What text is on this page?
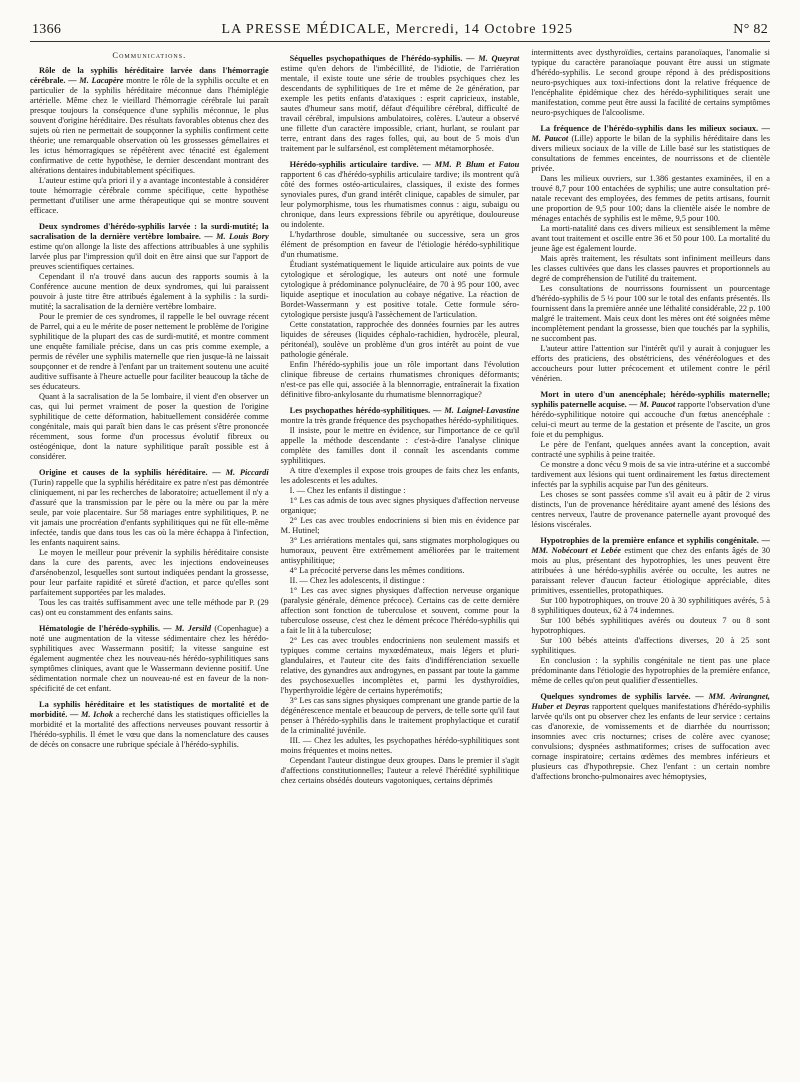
1366	LA PRESSE MÉDICALE, Mercredi, 14 Octobre 1925	N° 82
Communications.

Rôle de la syphilis héréditaire larvée dans l'hémorragie cérébrale. — M. Lacapère montre le rôle de la syphilis occulte et en particulier de la syphilis héréditaire méconnue dans l'hémiplégie artérielle. Même chez le vieillard l'hémorragie cérébrale lui paraît presque toujours la conséquence d'une syphilis méconnue, le plus souvent d'origine héréditaire. Des résultats favorables obtenus chez des sujets où rien ne permettait de soupçonner la syphilis confirment cette théorie; une remarquable observation où les grossesses gémellaires et les ictus hémorragiques se répétèrent avec ténacité est également confirmative de cette hypothèse, le dernier descendant montrant des altérations dentaires indubitablement spécifiques.

L'auteur estime qu'a priori il y a avantage incontestable à considérer toute hémorragie cérébrale comme spécifique, cette hypothèse permettant d'utiliser une arme thérapeutique qui se montre souvent efficace.

Deux syndromes d'hérédo-syphilis larvée : la surdi-mutité; la sacralisation de la dernière vertèbre lombaire. — M. Louis Bory estime qu'on allonge la liste des affections attribuables à une syphilis larvée plus par l'impression qu'il doit en être ainsi que sur l'apport de preuves scientifiques certaines.

Cependant il n'a trouvé dans aucun des rapports soumis à la Conférence aucune mention de deux syndromes, qui lui paraissent pouvoir à juste titre être attribués également à la syphilis : la surdi-mutité; la sacralisation de la dernière vertèbre lombaire.

Pour le premier de ces syndromes, il rappelle le bel ouvrage récent de Parrel, qui a eu le mérite de poser nettement le problème de l'origine syphilitique de la plupart des cas de surdi-mutité, et montre comment une enquête familiale précise, dans un cas pris comme exemple, a permis de révéler une syphilis maternelle que rien jusque-là ne laissait soupçonner et de rendre à l'enfant par un traitement soutenu une acuité auditive suffisante à l'heure actuelle pour faciliter beaucoup la tâche de ses éducateurs.

Quant à la sacralisation de la 5e lombaire, il vient d'en observer un cas, qui lui permet vraiment de poser la question de l'origine syphilitique de cette déformation, habituellement considérée comme congénitale, mais qui paraît bien dans le cas présent s'être prononcée récemment, sous forme d'un processus évolutif fibreux ou ostéogénique, dont la nature syphilitique paraît possible est à considérer.

Origine et causes de la syphilis héréditaire. — M. Piccardi (Turin) rappelle que la syphilis héréditaire ex patre n'est pas démontrée cliniquement, ni par les recherches de laboratoire; actuellement il n'y a d'assuré que la transmission par le père ou la mère ou par la mère seule, par voie placentaire. Sur 58 mariages entre syphilitiques, P. ne vit jamais une procréation d'enfants syphilitiques qui ne fût elle-même infectée, tandis que dans tous les cas où la mère échappa à l'infection, les enfants naquirent sains.

Le moyen le meilleur pour prévenir la syphilis héréditaire consiste dans la cure des parents, avec les injections endoveineuses d'arsénobenzol, lesquelles sont surtout indiquées pendant la grossesse, pour leur parfaite rapidité et sûreté d'action, et parce qu'elles sont parfaitement supportées par les malades.

Tous les cas traités suffisamment avec une telle méthode par P. (29 cas) ont eu constamment des enfants sains.

Hématologie de l'hérédo-syphilis. — M. Jersild (Copenhague) a noté une augmentation de la vitesse sédimentaire chez les hérédo-syphilitiques avec Wassermann positif; la vitesse sanguine est également augmentée chez les nouveau-nés hérédo-syphilitiques sans symptômes cliniques, avant que le Wassermann devienne positif. Une sédimentation normale chez un nouveau-né est en faveur de la non-spécificité de cet enfant.

La syphilis héréditaire et les statistiques de mortalité et de morbidité. — M. Ichok a recherché dans les statistiques officielles la morbidité et la mortalité des affections nerveuses pouvant ressortir à l'hérédo-syphilis. Il émet le vœu que dans la nomenclature des causes de décès on consacre une rubrique spéciale à l'hérédo-syphilis.

Séquelles psychopathiques de l'hérédo-syphilis. — M. Queyrat estime qu'en dehors de l'imbécillité, de l'idiotie, de l'arriération mentale, il existe toute une série de troubles psychiques chez les descendants de syphilitiques de 1re et même de 2e génération, par exemple les petits enfants d'ataxiques : esprit capricieux, instable, sautes d'humeur sans motif, défaut d'équilibre cérébral, difficulté de travail cérébral, impulsions ambulatoires, colères. L'auteur a observé une fillette d'un caractère impossible, criant, hurlant, se roulant par terre, entrant dans des rages folles, qui, au bout de 5 mois d'un traitement par le sulfarsénol, est complètement métamorphosée.

Hérédo-syphilis articulaire tardive. — MM. P. Blum et Fatou rapportent 6 cas d'hérédo-syphilis articulaire tardive; ils montrent qu'à côté des formes ostéo-articulaires, classiques, il existe des formes synoviales pures, d'un grand intérêt clinique, capables de simuler, par leur polymorphisme, tous les rhumatismes connus : aigu, subaigu ou chronique, dans leurs expressions fébrile ou apyrétique, douloureuse ou indolente.

L'hydarthrose double, simultanée ou successive, sera un gros élément de présomption en faveur de l'étiologie hérédo-syphilitique d'un rhumatisme.

Étudiant systématiquement le liquide articulaire aux points de vue cytologique et sérologique, les auteurs ont noté une formule cytologique à prédominance polynucléaire, de 70 à 95 pour 100, avec liquide aseptique et inoculation au cobaye négative. La réaction de Bordet-Wassermann y est positive totale. Cette formule séro-cytologique persiste jusqu'à l'assèchement de l'articulation.

Cette constatation, rapprochée des données fournies par les autres liquides de séreuses (liquides céphalo-rachidien, hydrocèle, pleural, péritonéal), soulève un problème d'un gros intérêt au point de vue pathologie générale.

Enfin l'hérédo-syphilis joue un rôle important dans l'évolution clinique fibreuse de certains rhumatismes chroniques déformants; n'est-ce pas elle qui, associée à la blennorragie, entraînerait la fixation définitive fibro-ankylosante du rhumatisme blennorragique?

Les psychopathes hérédo-syphilitiques. — M. Laignel-Lavastine montre la très grande fréquence des psychopathes hérédo-syphilitiques.

Il insiste, pour le mettre en évidence, sur l'importance de ce qu'il appelle la méthode descendante : c'est-à-dire l'analyse clinique complète des familles dont il connaît les ascendants comme syphilitiques.

A titre d'exemples il expose trois groupes de faits chez les enfants, les adolescents et les adultes.

I. — Chez les enfants il distingue :

1° Les cas admis de tous avec signes physiques d'affection nerveuse organique;

2° Les cas avec troubles endocriniens si bien mis en évidence par M. Hutinel;

3° Les arriérations mentales qui, sans stigmates morphologiques ou humoraux, peuvent être extrêmement améliorées par le traitement antisyphilitique;

4° La précocité perverse dans les mêmes conditions.

II. — Chez les adolescents, il distingue :

1° Les cas avec signes physiques d'affection nerveuse organique (paralysie générale, démence précoce). Certains cas de cette dernière affection sont fonction de tuberculose et souvent, comme pour la tuberculose osseuse, c'est chez le dément précoce l'hérédo-syphilis qui a fait le lit à la tuberculose;

2° Les cas avec troubles endocriniens non seulement massifs et typiques comme certains myxœdémateux, mais légers et pluri-glandulaires, et l'auteur cite des faits d'indifférenciation sexuelle relative, des gynandres aux androgynes, en passant par toute la gamme des psychosexuelles incomplètes et, parmi les dysthyroïdies, l'hyperthyroïdie légère de certains hyperémotifs;

3° Les cas sans signes physiques comprenant une grande partie de la dégénérescence mentale et beaucoup de pervers, de telle sorte qu'il faut penser à l'hérédo-syphilis dans le traitement prophylactique et curatif de la criminalité juvénile.

III. — Chez les adultes, les psychopathes hérédo-syphilitiques sont moins fréquentes et moins nettes.

Cependant l'auteur distingue deux groupes. Dans le premier il s'agit d'affections constitutionnelles; l'auteur a relevé l'hérédité syphilitique chez certains obsédés douteurs vagotoniques, certains déprimés

intermittents avec dysthyroïdies, certains paranoïaques, l'anomalie si typique du caractère paranoïaque pouvant être aussi un stigmate d'hérédo-syphilis. Le second groupe répond à des prédispositions neuro-psychiques aux toxi-infections dont la relative fréquence de l'encéphalite épidémique chez des hérédo-syphilitiques serait une manifestation, comme peut être aussi la facilité de certains symptômes neuro-psychiques de l'alcoolisme.

La fréquence de l'hérédo-syphilis dans les milieux sociaux. — M. Paucot (Lille) apporte le bilan de la syphilis héréditaire dans les divers milieux sociaux de la ville de Lille basé sur les statistiques de consultations de femmes enceintes, de nourrissons et de clientèle privée.

Dans les milieux ouvriers, sur 1.386 gestantes examinées, il en a trouvé 8,7 pour 100 entachées de syphilis; une autre consultation pré-natale recevant des employées, des femmes de petits artisans, fournit une proportion de 9,5 pour 100; dans la clientèle aisée le nombre de ménages entachés de syphilis est le même, 9,5 pour 100.

La morti-natalité dans ces divers milieux est sensiblement la même avant tout traitement et oscille entre 36 et 50 pour 100. La mortalité du jeune âge est également lourde.

Mais après traitement, les résultats sont infiniment meilleurs dans les classes cultivées que dans les classes pauvres et proportionnels au degré de compréhension de l'utilité du traitement.

Les consultations de nourrissons fournissent un pourcentage d'hérédo-syphilis de 5 ½ pour 100 sur le total des enfants présentés. Ils fournissent dans la première année une léthalité considérable, 22 p. 100 malgré le traitement. Mais ceux dont les mères ont été soignées même incomplètement pendant la grossesse, bien que touchés par la syphilis, ne succombent pas.

L'auteur attire l'attention sur l'intérêt qu'il y aurait à conjuguer les efforts des praticiens, des obstétriciens, des vénéréologues et des accoucheurs pour lutter précocement et utilement contre le péril vénérien.

Mort in utero d'un anencéphale; hérédo-syphilis maternelle; syphilis paternelle acquise. — M. Paucot rapporte l'observation d'une hérédo-syphilitique notoire qui accouche d'un fœtus anencéphale : celui-ci meurt au terme de la gestation et présente de l'ascite, un gros foie et du pemphigus.

Le père de l'enfant, quelques années avant la conception, avait contracté une syphilis à peine traitée.

Ce monstre a donc vécu 9 mois de sa vie intra-utérine et a succombé tardivement aux lésions qui tuent ordinairement les fœtus directement infectés par la syphilis acquise par l'un des géniteurs.

Les choses se sont passées comme s'il avait eu à pâtir de 2 virus distincts, l'un de provenance héréditaire ayant amené des lésions des centres nerveux, l'autre de provenance paternelle ayant provoqué des lésions viscérales.

Hypotrophies de la première enfance et syphilis congénitale. — MM. Nobécourt et Lebée estiment que chez des enfants âgés de 30 mois au plus, présentant des hypotrophies, les unes peuvent être attribuées à une hérédo-syphilis avérée ou occulte, les autres ne paraissant relever d'aucun facteur étiologique appréciable, dites primitives, essentielles, protopathiques.

Sur 100 hypotrophiques, on trouve 20 à 30 syphilitiques avérés, 5 à 8 syphilitiques douteux, 62 à 74 indemnes.

Sur 100 bébés syphilitiques avérés ou douteux 7 ou 8 sont hypotrophiques.

Sur 100 bébés atteints d'affections diverses, 20 à 25 sont syphilitiques.

En conclusion : la syphilis congénitale ne tient pas une place prédominante dans l'étiologie des hypotrophies de la première enfance, même de celles qu'on peut qualifier d'essentielles.

Quelques syndromes de syphilis larvée. — MM. Avirangnet, Huber et Deyras rapportent quelques manifestations d'hérédo-syphilis larvée qu'ils ont pu observer chez les enfants de leur service : certains cas d'anorexie, de vomissements et de diarrhée du nourrisson; insomnies avec cris nocturnes; crises de colère avec cyanose; convulsions; dyspnées asthmatiformes; crises de suffocation avec cornage inspiratoire; certains œdèmes des membres inférieurs et plusieurs cas d'hypothrepsie. Chez l'enfant : un certain nombre d'affections broncho-pulmonaires avec hémoptysies,
